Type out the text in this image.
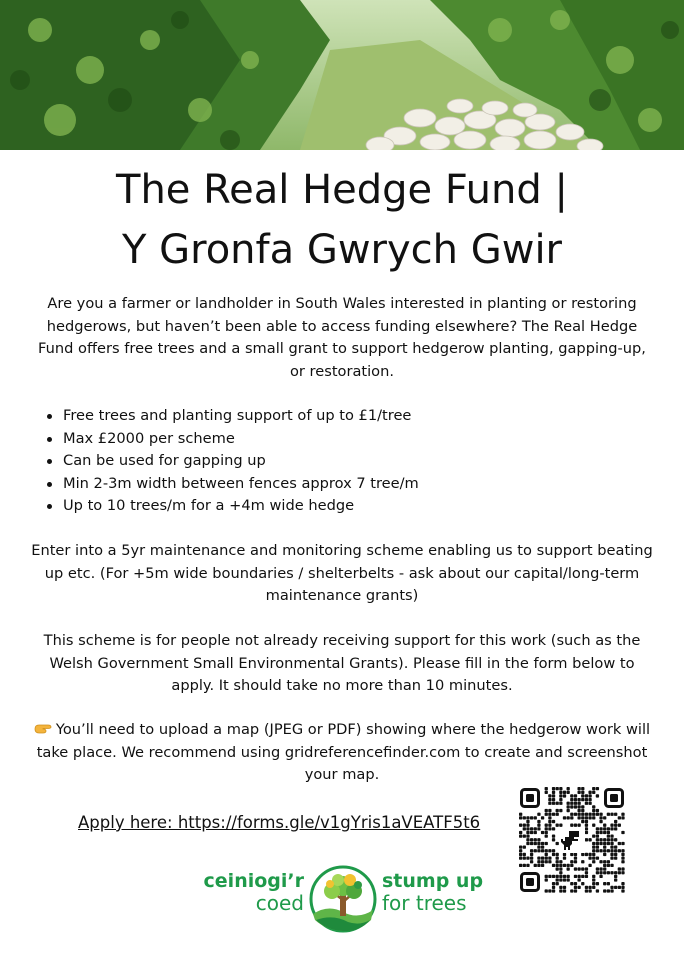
The Real Hedge Fund |
Y Gronfa Gwrych Gwir

Are you a farmer or landholder in South Wales interested in planting or restoring hedgerows, but haven’t been able to access funding elsewhere? The Real Hedge Fund offers free trees and a small grant to support hedgerow planting, gapping-up, or restoration.

Free trees and planting support of up to £1/tree
Max £2000 per scheme
Can be used for gapping up
Min 2-3m width between fences approx 7 tree/m
Up to 10 trees/m for a +4m wide hedge

Enter into a 5yr maintenance and monitoring scheme enabling us to support beating up etc. (For +5m wide boundaries / shelterbelts - ask about our capital/long-term maintenance grants)

This scheme is for people not already receiving support for this work (such as the Welsh Government Small Environmental Grants). Please fill in the form below to apply. It should take no more than 10 minutes.

You’ll need to upload a map (JPEG or PDF) showing where the hedgerow work will take place. We recommend using gridreferencefinder.com to create and screenshot your map.

Apply here: https://forms.gle/v1gYris1aVEATF5t6
ceiniogi’r
coed
stump up
for trees
